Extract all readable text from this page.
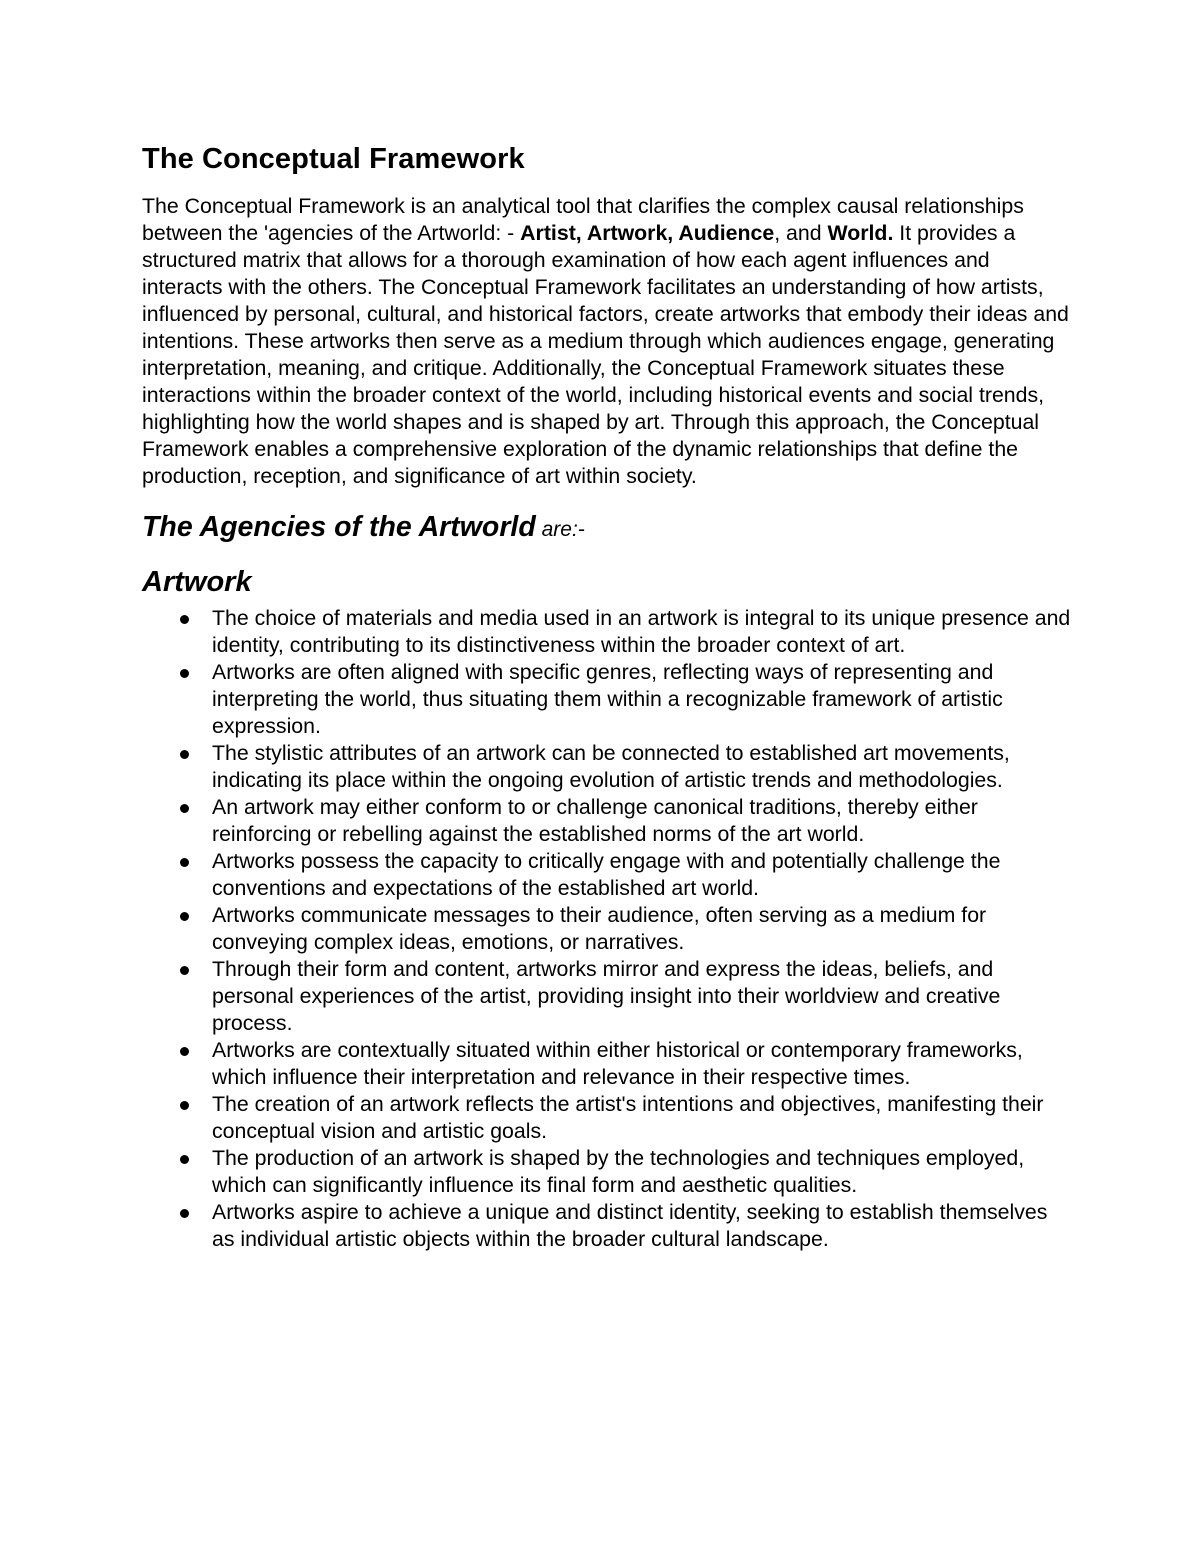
The Conceptual Framework

The Conceptual Framework is an analytical tool that clarifies the complex causal relationships between the 'agencies of the Artworld: - Artist, Artwork, Audience, and World. It provides a structured matrix that allows for a thorough examination of how each agent influences and interacts with the others. The Conceptual Framework facilitates an understanding of how artists, influenced by personal, cultural, and historical factors, create artworks that embody their ideas and intentions. These artworks then serve as a medium through which audiences engage, generating interpretation, meaning, and critique. Additionally, the Conceptual Framework situates these interactions within the broader context of the world, including historical events and social trends, highlighting how the world shapes and is shaped by art. Through this approach, the Conceptual Framework enables a comprehensive exploration of the dynamic relationships that define the production, reception, and significance of art within society.

The Agencies of the Artworld are:-
Artwork
The choice of materials and media used in an artwork is integral to its unique presence and identity, contributing to its distinctiveness within the broader context of art.
Artworks are often aligned with specific genres, reflecting ways of representing and interpreting the world, thus situating them within a recognizable framework of artistic expression.
The stylistic attributes of an artwork can be connected to established art movements, indicating its place within the ongoing evolution of artistic trends and methodologies.
An artwork may either conform to or challenge canonical traditions, thereby either reinforcing or rebelling against the established norms of the art world.
Artworks possess the capacity to critically engage with and potentially challenge the conventions and expectations of the established art world.
Artworks communicate messages to their audience, often serving as a medium for conveying complex ideas, emotions, or narratives.
Through their form and content, artworks mirror and express the ideas, beliefs, and personal experiences of the artist, providing insight into their worldview and creative process.
Artworks are contextually situated within either historical or contemporary frameworks, which influence their interpretation and relevance in their respective times.
The creation of an artwork reflects the artist's intentions and objectives, manifesting their conceptual vision and artistic goals.
The production of an artwork is shaped by the technologies and techniques employed, which can significantly influence its final form and aesthetic qualities.
Artworks aspire to achieve a unique and distinct identity, seeking to establish themselves as individual artistic objects within the broader cultural landscape.
